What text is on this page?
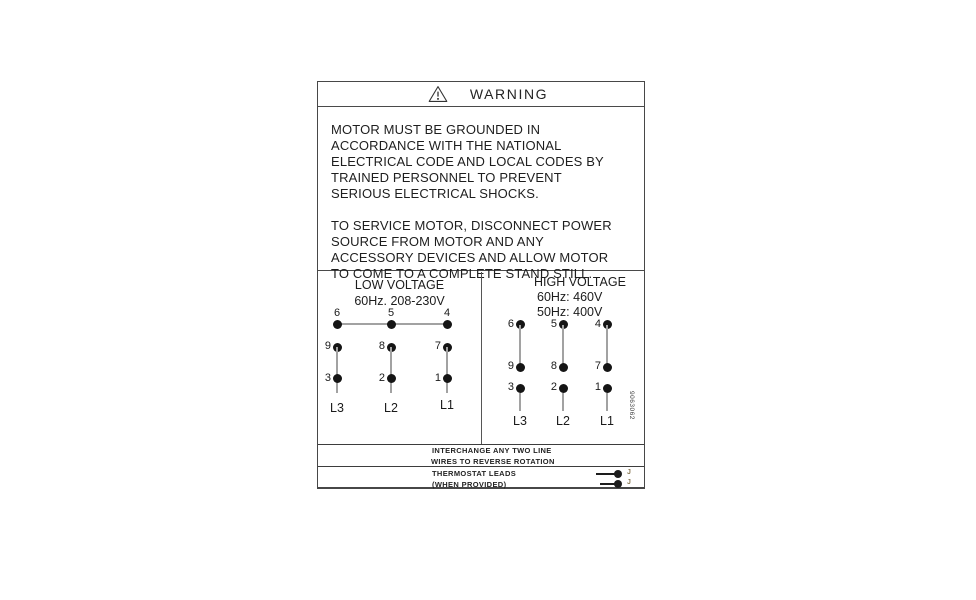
WARNING

MOTOR MUST BE GROUNDED IN ACCORDANCE WITH THE NATIONAL ELECTRICAL CODE AND LOCAL CODES BY TRAINED PERSONNEL TO PREVENT SERIOUS ELECTRICAL SHOCKS.

TO SERVICE MOTOR, DISCONNECT POWER SOURCE FROM MOTOR AND ANY ACCESSORY DEVICES AND ALLOW MOTOR TO COME TO A COMPLETE STAND STILL.

LOW VOLTAGE
60Hz. 208-230V
6
9
3
L3
5
8
2
L2
4
7
1
L1
HIGH VOLTAGE
60Hz: 460V
50Hz: 400V
6
9
3
L3
5
8
2
L2
4
7
1
L1
9063062
INTERCHANGE ANY TWO LINE
WIRES TO REVERSE ROTATION
THERMOSTAT LEADS
(WHEN PROVIDED)
J
J
